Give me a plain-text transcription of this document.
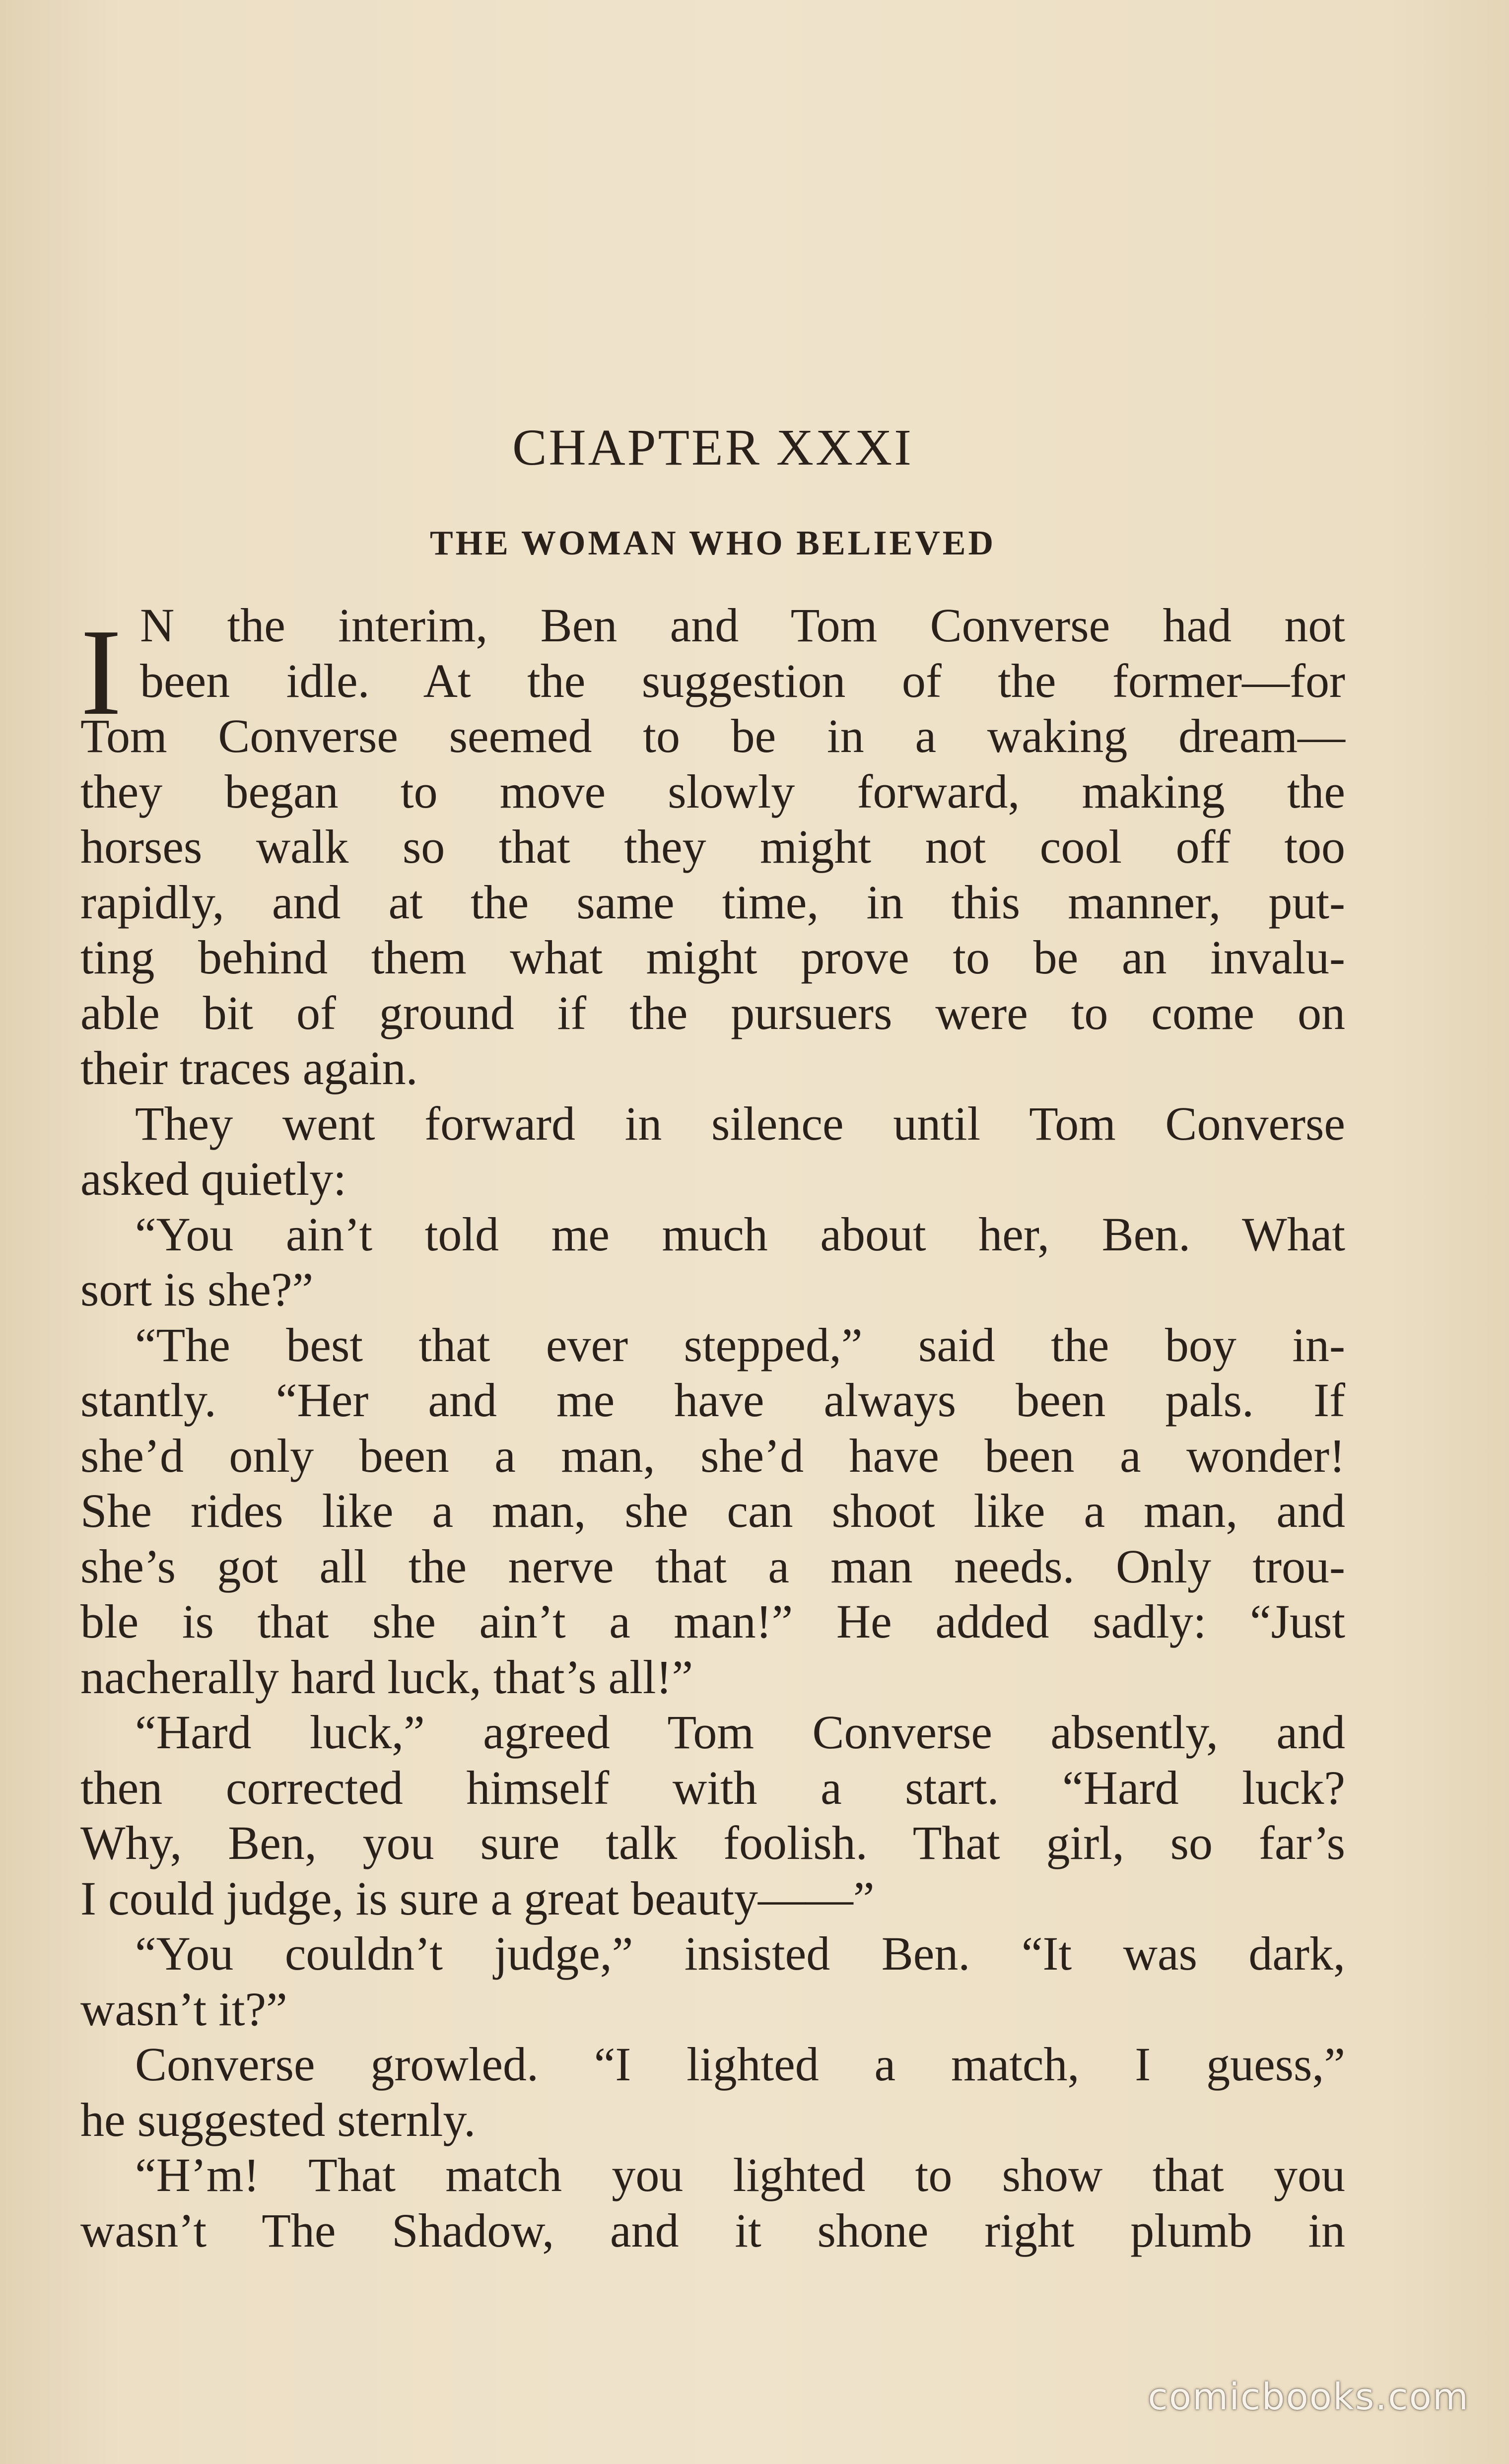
CHAPTER XXXI
THE WOMAN WHO BELIEVED
I N the interim, Ben and Tom Converse had not
been idle. At the suggestion of the former—for
Tom Converse seemed to be in a waking dream—
they began to move slowly forward, making the
horses walk so that they might not cool off too
rapidly, and at the same time, in this manner, put-
ting behind them what might prove to be an invalu-
able bit of ground if the pursuers were to come on
their traces again.
They went forward in silence until Tom Converse
asked quietly:
“You ain’t told me much about her, Ben. What
sort is she?”
“The best that ever stepped,” said the boy in-
stantly. “Her and me have always been pals. If
she’d only been a man, she’d have been a wonder!
She rides like a man, she can shoot like a man, and
she’s got all the nerve that a man needs. Only trou-
ble is that she ain’t a man!” He added sadly: “Just
nacherally hard luck, that’s all!”
“Hard luck,” agreed Tom Converse absently, and
then corrected himself with a start. “Hard luck?
Why, Ben, you sure talk foolish. That girl, so far’s
I could judge, is sure a great beauty——”
“You couldn’t judge,” insisted Ben. “It was dark,
wasn’t it?”
Converse growled. “I lighted a match, I guess,”
he suggested sternly.
“H’m! That match you lighted to show that you
wasn’t The Shadow, and it shone right plumb in
comicbooks.com
